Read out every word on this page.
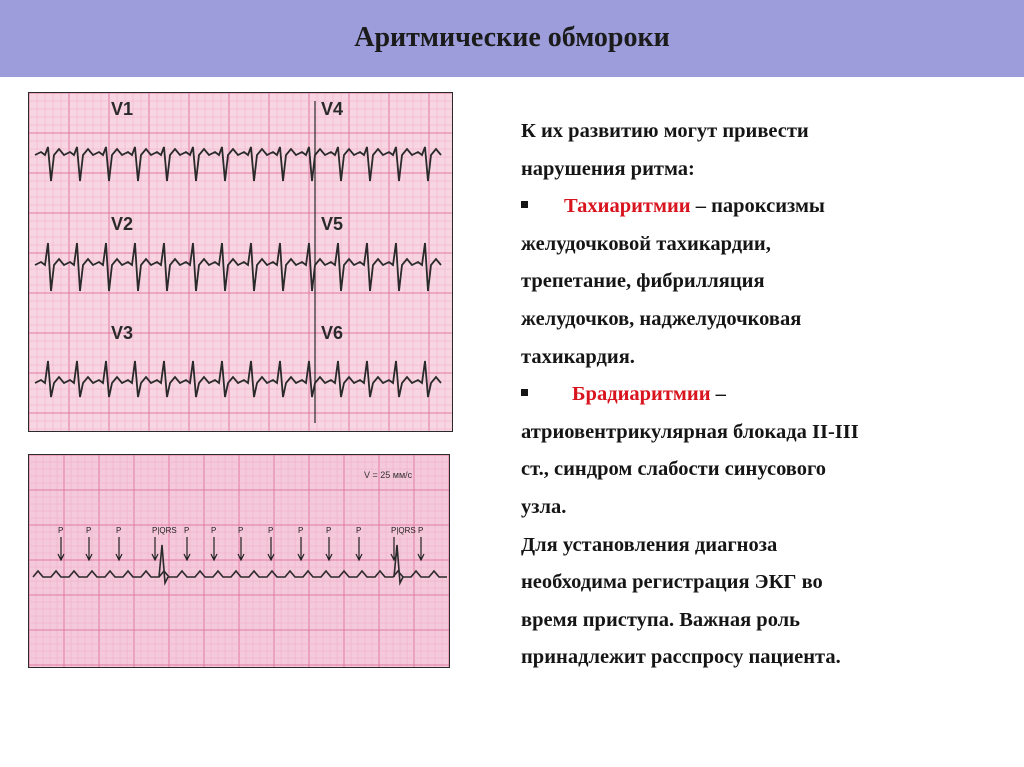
Аритмические обмороки
V1
V2
V3
V4
V5
V6
V = 25 мм/с
P	P	P	P|QRS P	P	P	P	P	P	P	P|QRS P
К их развитию могут привести
нарушения ритма:
Тахиаритмии – пароксизмы
желудочковой тахикардии,
трепетание, фибрилляция
желудочков, наджелудочковая
тахикардия.
Брадиаритмии –
атриовентрикулярная блокада II-III
ст., синдром слабости синусового
узла.
Для установления диагноза
необходима регистрация ЭКГ во
время приступа. Важная роль
принадлежит расспросу пациента.
